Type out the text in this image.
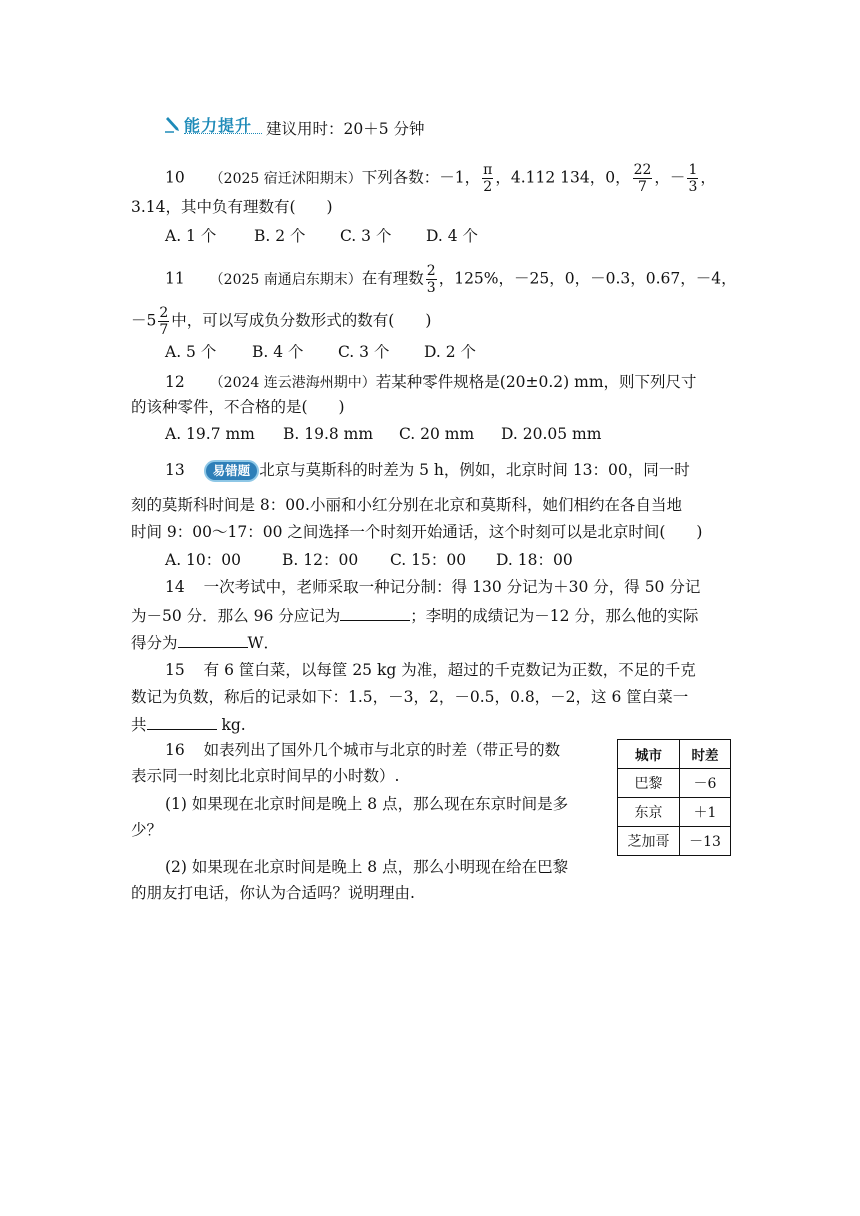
能力提升 建议用时：20＋5 分钟
10 （2025 宿迁沭阳期末）下列各数：－1， $\frac{\pi}{2}$ ，4.112 134，0， $\frac{22}{7}$ ，－ $\frac{1}{3}$ ，
3.14，其中负有理数有(　　)
A. 1 个 B. 2 个 C. 3 个 D. 4 个
11 （2025 南通启东期末）在有理数 $\frac{2}{3}$ ，125%，－25，0，－0.3，0.67，－4，
$-5 \frac{2}{7}$ 中，可以写成负分数形式的数有(　　)
A. 5 个 B. 4 个 C. 3 个 D. 2 个
12 （2024 连云港海州期中）若某种零件规格是(20±0.2) mm，则下列尺寸
的该种零件，不合格的是(　　)
A. 19.7 mm B. 19.8 mm C. 20 mm D. 20.05 mm
13 易错题 北京与莫斯科的时差为 5 h，例如，北京时间 13：00，同一时
刻的莫斯科时间是 8：00.小丽和小红分别在北京和莫斯科，她们相约在各自当地
时间 9：00～17：00 之间选择一个时刻开始通话，这个时刻可以是北京时间(　　)
A. 10：00	B. 12：00 C. 15：00 D. 18：00
14 一次考试中，老师采取一种记分制：得 130 分记为＋30 分，得 50 分记
为－50 分．那么 96 分应记为	；李明的成绩记为－12 分，那么他的实际
得分为	W．
15 有 6 筐白菜，以每筐 25 kg 为准，超过的千克数记为正数，不足的千克
数记为负数，称后的记录如下：1.5，－3，2，－0.5，0.8，－2，这 6 筐白菜一
共	kg.
16 如表列出了国外几个城市与北京的时差（带正号的数
表示同一时刻比北京时间早的小时数）.
(1) 如果现在北京时间是晚上 8 点，那么现在东京时间是多
少？
(2) 如果现在北京时间是晚上 8 点，那么小明现在给在巴黎
的朋友打电话，你认为合适吗？说明理由.
城市	时差
巴黎	－6
东京	＋1
芝加哥	－13
